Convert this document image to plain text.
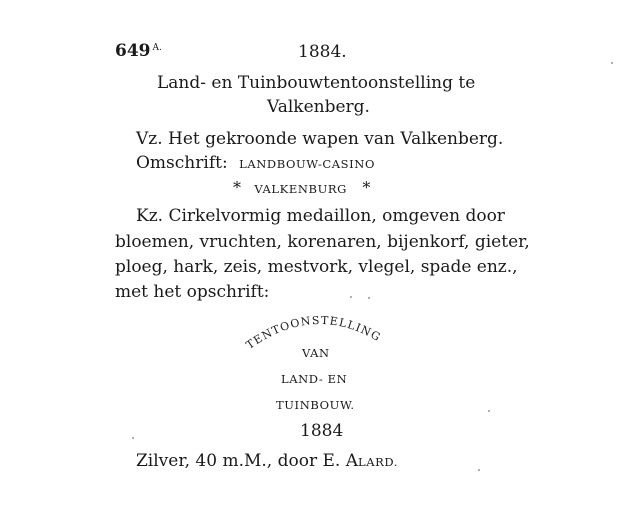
649 $^{A.}$	1884.
Land- en Tuinbouwtentoonstelling te
Valkenberg.
Vz. Het gekroonde wapen van Valkenberg.
Omschrift: LANDBOUW-CASINO
* VALKENBURG *
Kz. Cirkelvormig medaillon, omgeven door
bloemen, vruchten, korenaren, bijenkorf, gieter,
ploeg, hark, zeis, mestvork, vlegel, spade enz.,
met het opschrift:
TENTOONSTELLING
VAN
LAND- EN
TUINBOUW.
1884
Zilver, 40 m.M., door E. ALARD.
